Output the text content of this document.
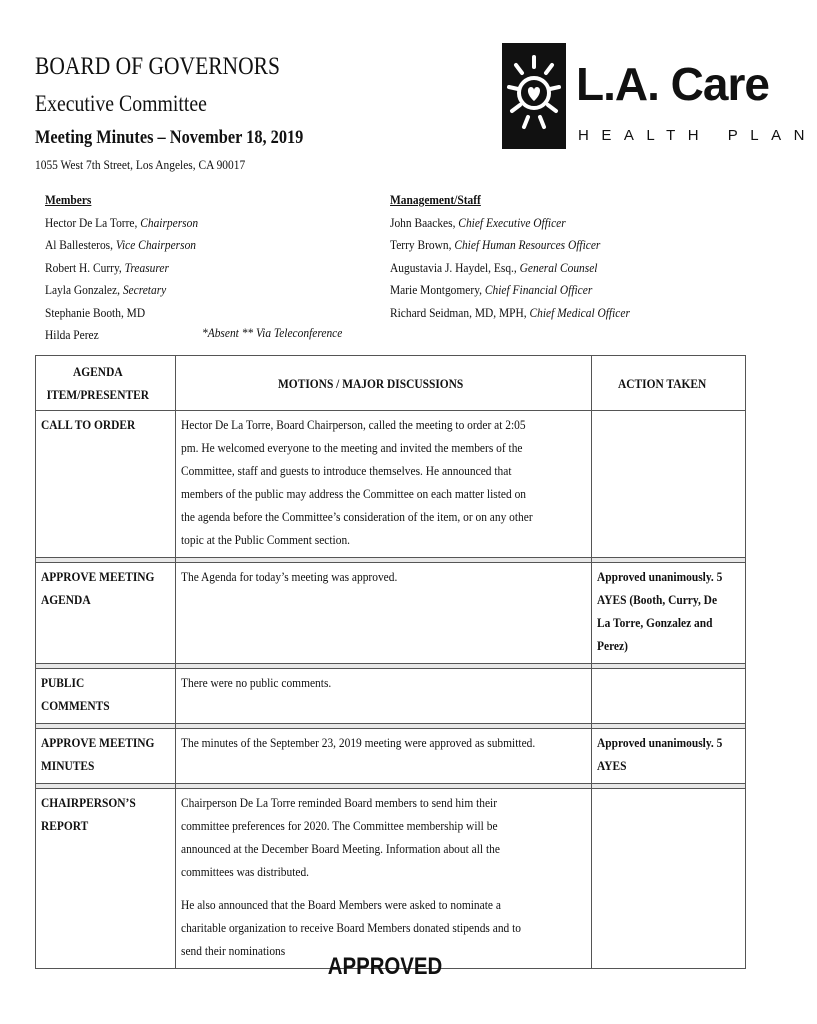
BOARD OF GOVERNORS
Executive Committee
Meeting Minutes – November 18, 2019
1055 West 7th Street, Los Angeles, CA 90017
L.A. Care
HEALTH PLAN
Members
Hector De La Torre, Chairperson
Al Ballesteros, Vice Chairperson
Robert H. Curry, Treasurer
Layla Gonzalez, Secretary
Stephanie Booth, MD
Hilda Perez	*Absent ** Via Teleconference
Management/Staff
John Baackes, Chief Executive Officer
Terry Brown, Chief Human Resources Officer
Augustavia J. Haydel, Esq., General Counsel
Marie Montgomery, Chief Financial Officer
Richard Seidman, MD, MPH, Chief Medical Officer
AGENDA ITEM/PRESENTER	MOTIONS / MAJOR DISCUSSIONS	ACTION TAKEN
CALL TO ORDER	Hector De La Torre, Board Chairperson, called the meeting to order at 2:05 pm. He welcomed everyone to the meeting and invited the members of the Committee, staff and guests to introduce themselves. He announced that members of the public may address the Committee on each matter listed on the agenda before the Committee’s consideration of the item, or on any other topic at the Public Comment section.	

APPROVE MEETING AGENDA	The Agenda for today’s meeting was approved.	Approved unanimously. 5 AYES (Booth, Curry, De La Torre, Gonzalez and Perez)

PUBLIC COMMENTS	There were no public comments.	

APPROVE MEETING MINUTES	The minutes of the September 23, 2019 meeting were approved as submitted.	Approved unanimously. 5 AYES

CHAIRPERSON’S REPORT	Chairperson De La Torre reminded Board members to send him their committee preferences for 2020. The Committee membership will be announced at the December Board Meeting. Information about all the committees was distributed. He also announced that the Board Members were asked to nominate a charitable organization to receive Board Members donated stipends and to send their nominations	
APPROVED
